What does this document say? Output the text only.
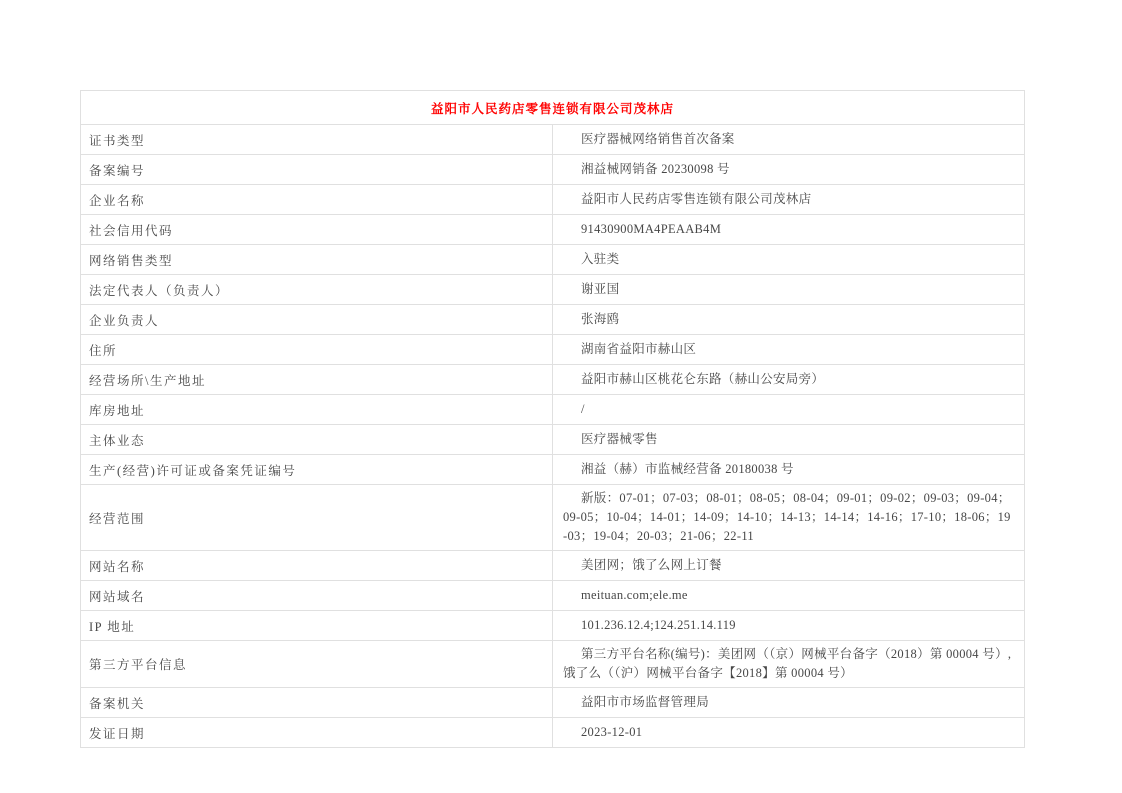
益阳市人民药店零售连锁有限公司茂林店	
证书类型	医疗器械网络销售首次备案
备案编号	湘益械网销备 20230098 号
企业名称	益阳市人民药店零售连锁有限公司茂林店
社会信用代码	91430900MA4PEAAB4M
网络销售类型	入驻类
法定代表人（负责人）	谢亚国
企业负责人	张海鸥
住所	湖南省益阳市赫山区
经营场所\生产地址	益阳市赫山区桃花仑东路（赫山公安局旁）
库房地址	/
主体业态	医疗器械零售
生产(经营)许可证或备案凭证编号	湘益（赫）市监械经营备 20180038 号
经营范围	新版：07-01；07-03；08-01；08-05；08-04；09-01；09-02；09-03；09-04；09-05；10-04；14-01；14-09；14-10；14-13；14-14；14-16；17-10；18-06；19-03；19-04；20-03；21-06；22-11
网站名称	美团网；饿了么网上订餐
网站域名	meituan.com;ele.me
IP 地址	101.236.12.4;124.251.14.119
第三方平台信息	第三方平台名称(编号)：美团网（（京）网械平台备字（2018）第 00004 号）,饿了么（（沪）网械平台备字【2018】第 00004 号）
备案机关	益阳市市场监督管理局
发证日期	2023-12-01
